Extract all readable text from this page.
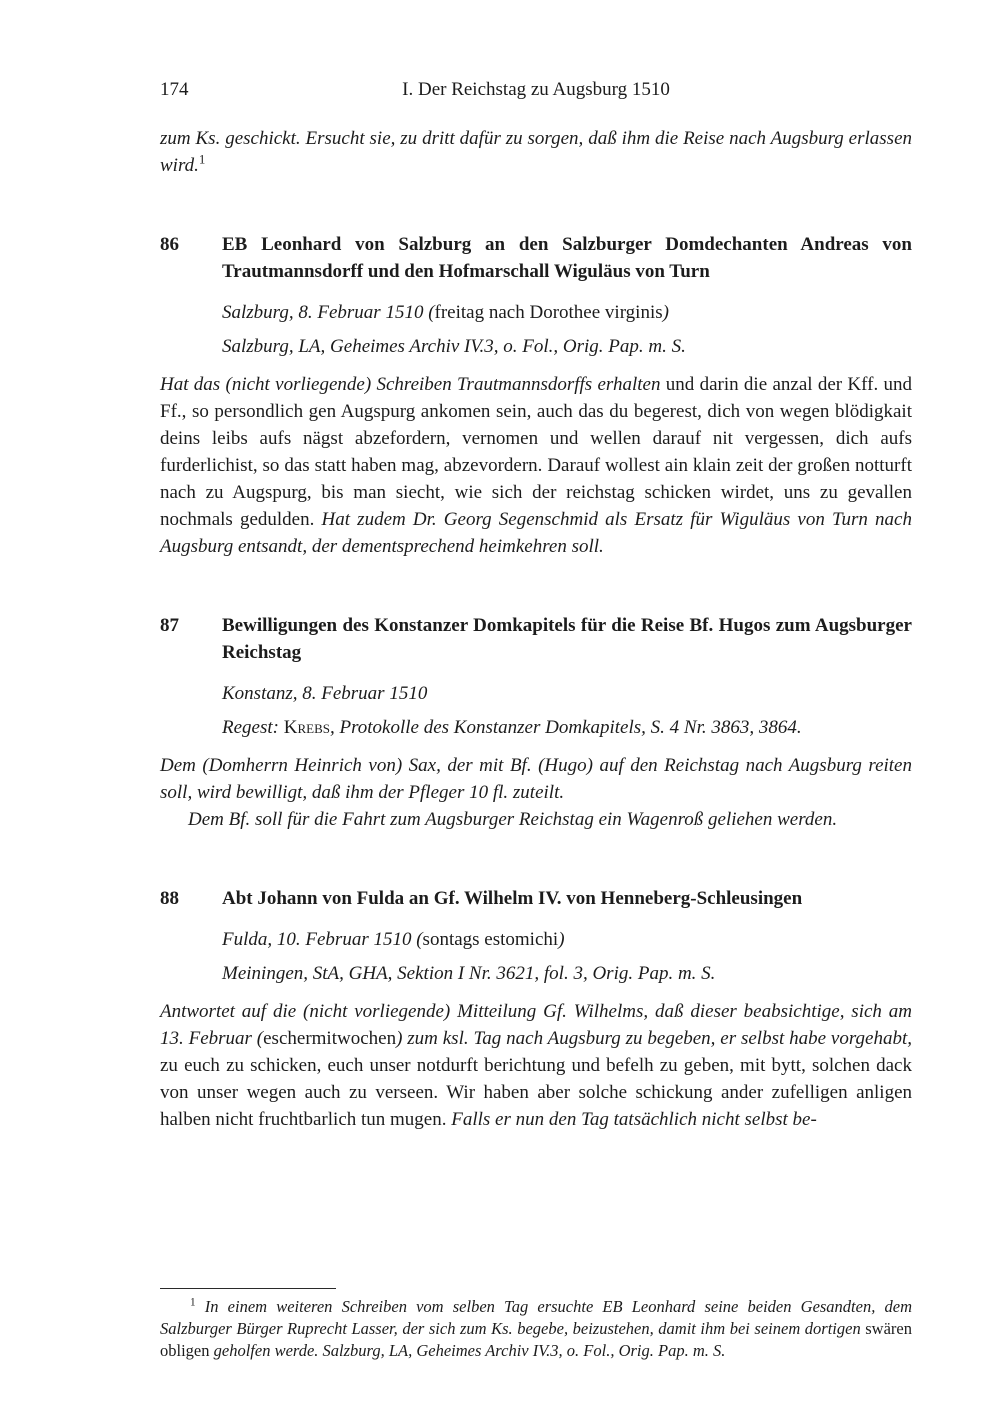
174	I. Der Reichstag zu Augsburg 1510

zum Ks. geschickt. Ersucht sie, zu dritt dafür zu sorgen, daß ihm die Reise nach Augsburg erlassen wird.$^1$

86 EB Leonhard von Salzburg an den Salzburger Domdechanten Andreas von Trautmannsdorff und den Hofmarschall Wiguläus von Turn

Salzburg, 8. Februar 1510 (freitag nach Dorothee virginis)

Salzburg, LA, Geheimes Archiv IV.3, o. Fol., Orig. Pap. m. S.

Hat das (nicht vorliegende) Schreiben Trautmannsdorffs erhalten und darin die anzal der Kff. und Ff., so persondlich gen Augspurg ankomen sein, auch das du begerest, dich von wegen blödigkait deins leibs aufs nägst abzefordern, vernomen und wellen darauf nit vergessen, dich aufs furderlichist, so das statt haben mag, abzevordern. Darauf wollest ain klain zeit der großen notturft nach zu Augspurg, bis man siecht, wie sich der reichstag schicken wirdet, uns zu gevallen nochmals gedulden. Hat zudem Dr. Georg Segenschmid als Ersatz für Wiguläus von Turn nach Augsburg entsandt, der dementsprechend heimkehren soll.

87 Bewilligungen des Konstanzer Domkapitels für die Reise Bf. Hugos zum Augsburger Reichstag

Konstanz, 8. Februar 1510

Regest: Krebs, Protokolle des Konstanzer Domkapitels, S. 4 Nr. 3863, 3864.

Dem (Domherrn Heinrich von) Sax, der mit Bf. (Hugo) auf den Reichstag nach Augsburg reiten soll, wird bewilligt, daß ihm der Pfleger 10 fl. zuteilt.

Dem Bf. soll für die Fahrt zum Augsburger Reichstag ein Wagenroß geliehen werden.

88 Abt Johann von Fulda an Gf. Wilhelm IV. von Henneberg-Schleusingen

Fulda, 10. Februar 1510 (sontags estomichi)

Meiningen, StA, GHA, Sektion I Nr. 3621, fol. 3, Orig. Pap. m. S.

Antwortet auf die (nicht vorliegende) Mitteilung Gf. Wilhelms, daß dieser beabsichtige, sich am 13. Februar (eschermitwochen) zum ksl. Tag nach Augsburg zu begeben, er selbst habe vorgehabt, zu euch zu schicken, euch unser notdurft berichtung und befelh zu geben, mit bytt, solchen dack von unser wegen auch zu verseen. Wir haben aber solche schickung ander zufelligen anligen halben nicht fruchtbarlich tun mugen. Falls er nun den Tag tatsächlich nicht selbst be-

$^1$ In einem weiteren Schreiben vom selben Tag ersuchte EB Leonhard seine beiden Gesandten, dem Salzburger Bürger Ruprecht Lasser, der sich zum Ks. begebe, beizustehen, damit ihm bei seinem dortigen swären obligen geholfen werde. Salzburg, LA, Geheimes Archiv IV.3, o. Fol., Orig. Pap. m. S.
